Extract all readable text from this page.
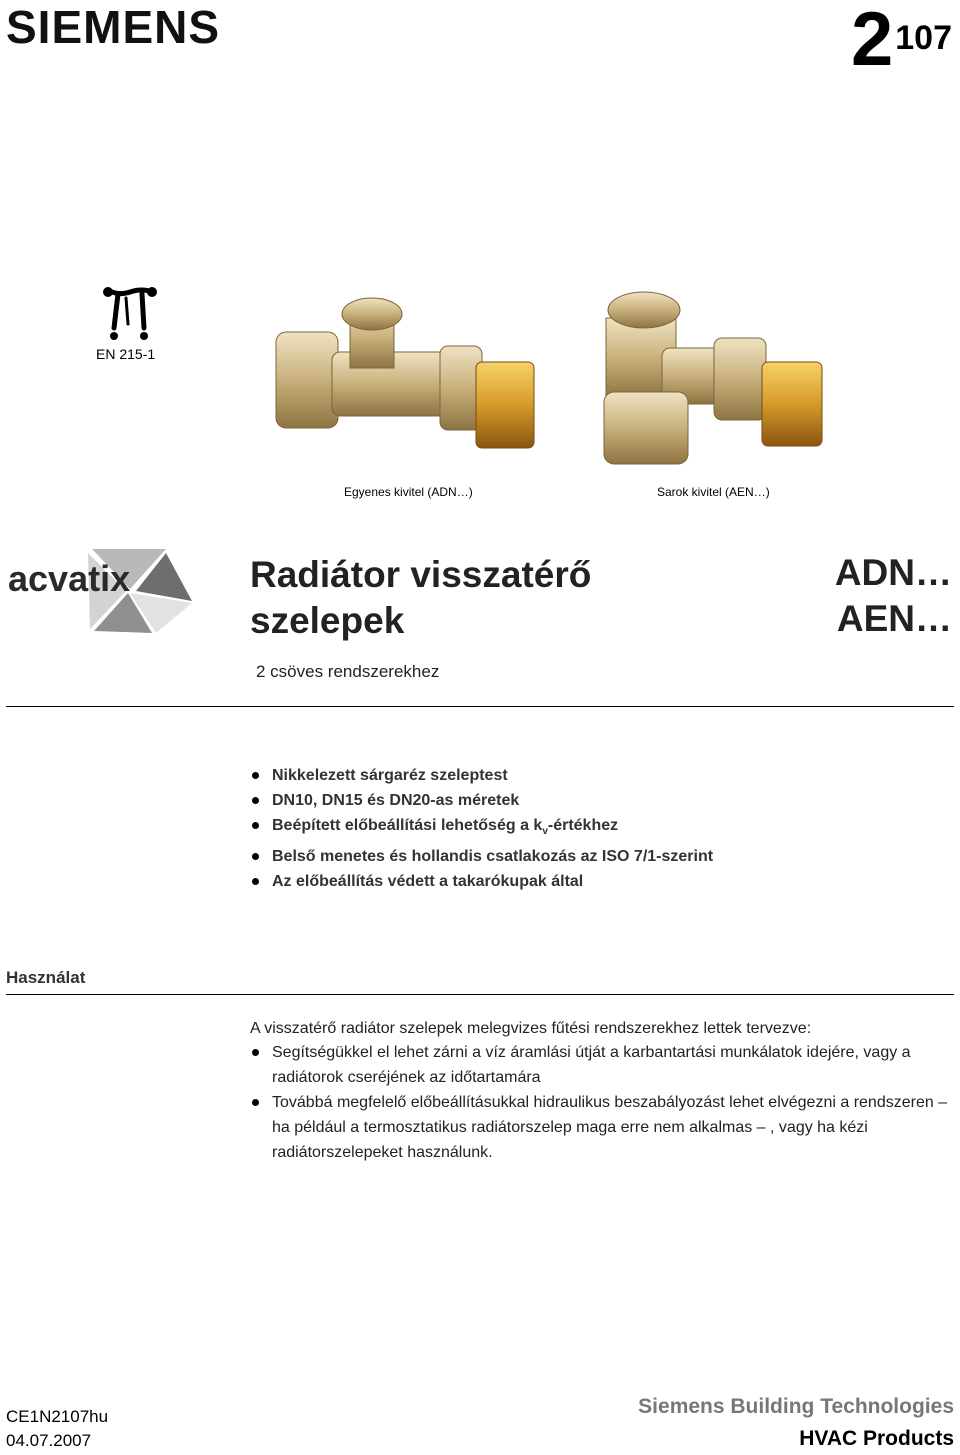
SIEMENS	$2^{107}$
EN 215-1
Egyenes kivitel (ADN…)	Sarok kivitel (AEN…)
acvatix	Radiátor visszatérő
szelepek
ADN…
AEN…
2 csöves rendszerekhez
Nikkelezett sárgaréz szeleptest
DN10, DN15 és DN20-as méretek
Beépített előbeállítási lehetőség a $k_v$-értékhez
Belső menetes és hollandis csatlakozás az ISO 7/1-szerint
Az előbeállítás védett a takarókupak által
Használat
A visszatérő radiátor szelepek melegvizes fűtési rendszerekhez lettek tervezve:
Segítségükkel el lehet zárni a víz áramlási útját a karbantartási munkálatok idejére, vagy a radiátorok cseréjének az időtartamára
Továbbá megfelelő előbeállításukkal hidraulikus beszabályozást lehet elvégezni a rendszeren – ha például a termosztatikus radiátorszelep maga erre nem alkalmas – , vagy ha kézi radiátorszelepeket használunk.
CE1N2107hu
04.07.2007
Siemens Building Technologies
HVAC Products
